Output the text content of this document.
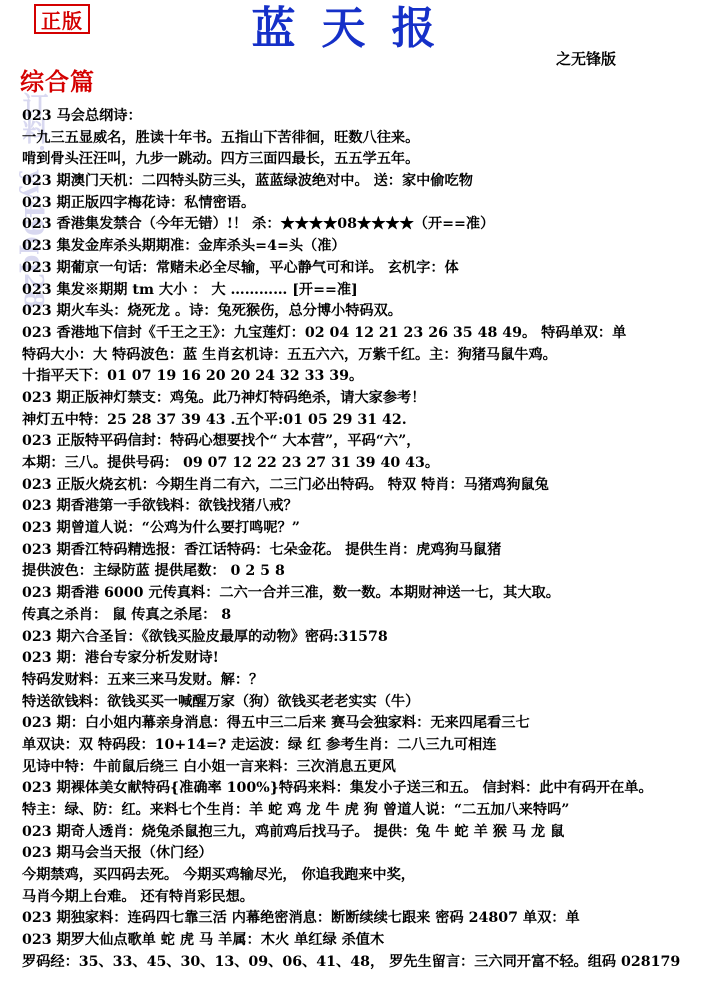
正版	蓝天报
之无锋版
综合篇
订料：yy49qq28
023 马会总纲诗：
一九三五显威名，胜读十年书。五指山下苦徘徊，旺数八往来。
啃到骨头汪汪叫，九步一跳动。四方三面四最长，五五学五年。
023 期澳门天机：二四特头防三头，蓝蓝绿波绝对中。 送：家中偷吃物
023 期正版四字梅花诗：私情密语。
023 香港集发禁合（今年无错）!！ 杀：★★★★08★★★★（开==准）
023 集发金库杀头期期准：金库杀头=4=头（准）
023 期葡京一句话：常赌未必全尽输，平心静气可和详。 玄机字：体
023 集发※期期 tm 大小 ： 大 ………… [开==准]
023 期火车头：烧死龙 。诗：兔死猴伤，总分博小特码双。
023 香港地下信封《千王之王》：九宝莲灯：02 04 12 21 23 26 35 48 49。 特码单双：单
特码大小：大 特码波色：蓝 生肖玄机诗：五五六六，万紫千红。主：狗猪马鼠牛鸡。
十指平天下：01 07 19 16 20 20 24 32 33 39。
023 期正版神灯禁支：鸡兔。此乃神灯特码绝杀，请大家参考！
神灯五中特：25 28 37 39 43 .五个平:01 05 29 31 42.
023 正版特平码信封：特码心想要找个“ 大本营”，平码“六”，
本期：三八。提供号码： 09 07 12 22 23 27 31 39 40 43。
023 正版火烧玄机：今期生肖二有六，二三门必出特码。 特双 特肖：马猪鸡狗鼠兔
023 期香港第一手欲钱料：欲钱找猪八戒？
023 期曾道人说：“公鸡为什么要打鸣呢？”
023 期香江特码精选报：香江话特码：七朵金花。 提供生肖：虎鸡狗马鼠猪
提供波色：主绿防蓝 提供尾数： 0 2 5 8
023 期香港 6000 元传真料：二六一合并三准，数一数。本期财神送一七，其大取。
传真之杀肖： 鼠 传真之杀尾： 8
023 期六合圣旨：《欲钱买脸皮最厚的动物》密码:31578
023 期：港台专家分析发财诗!
特码发财料：五来三来马发财。解：？
特送欲钱料：欲钱买买一喊醒万家（狗）欲钱买老老实实（牛）
023 期：白小姐内幕亲身消息：得五中三二后来 赛马会独家料：无来四尾看三七
单双诀：双 特码段：10+14=? 走运波：绿 红 参考生肖：二八三九可相连
见诗中特：牛前鼠后绕三 白小姐一言来料：三次消息五更风
023 期裸体美女献特码{准确率 100%}特码来料：集发小子送三和五。 信封料：此中有码开在单。
特主：绿、防：红。来料七个生肖：羊 蛇 鸡 龙 牛 虎 狗 曾道人说：“二五加八来特吗”
023 期奇人透肖：烧兔杀鼠抱三九，鸡前鸡后找马子。 提供：兔 牛 蛇 羊 猴 马 龙 鼠
023 期马会当天报（休门经）
今期禁鸡，买四码去死。 今期买鸡输尽光， 你追我跑来中奖，
马肖今期上台难。 还有特肖彩民想。
023 期独家料：连码四七靠三活 内幕绝密消息：断断续续七跟来 密码 24807 单双：单
023 期罗大仙点歌单 蛇 虎 马 羊属：木火 单红绿 杀值木
罗码经：35、33、45、30、13、09、06、41、48， 罗先生留言：三六同开富不轻。组码 028179
